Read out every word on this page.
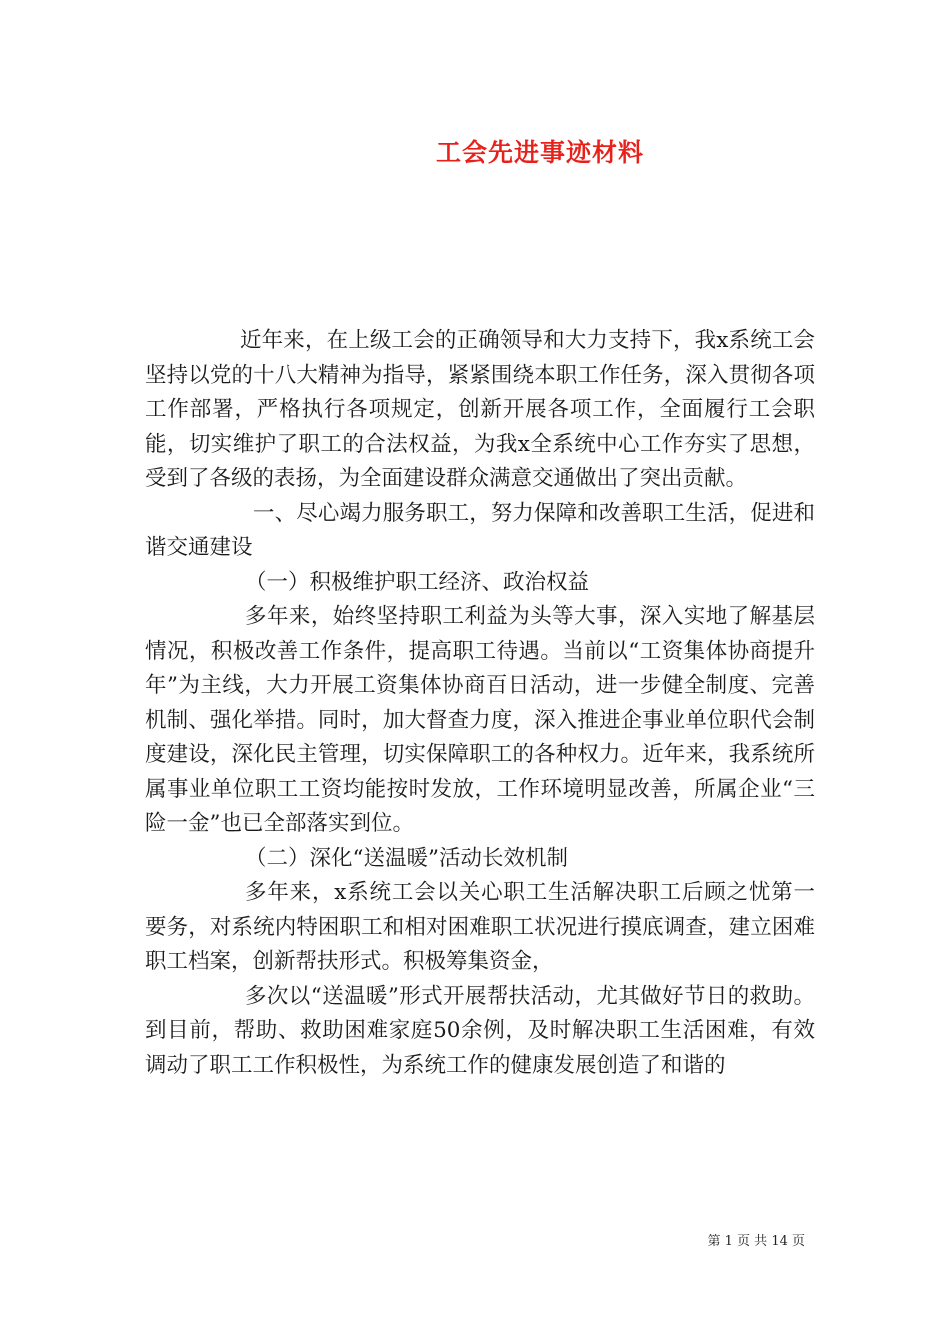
工会先进事迹材料

近年来，在上级工会的正确领导和大力支持下，我x系统工会坚持以党的十八大精神为指导，紧紧围绕本职工作任务，深入贯彻各项工作部署，严格执行各项规定，创新开展各项工作，全面履行工会职能，切实维护了职工的合法权益，为我x全系统中心工作夯实了思想，受到了各级的表扬，为全面建设群众满意交通做出了突出贡献。

一、尽心竭力服务职工，努力保障和改善职工生活，促进和谐交通建设

（一）积极维护职工经济、政治权益

多年来，始终坚持职工利益为头等大事，深入实地了解基层情况，积极改善工作条件，提高职工待遇。当前以“工资集体协商提升年”为主线，大力开展工资集体协商百日活动，进一步健全制度、完善机制、强化举措。同时，加大督查力度，深入推进企事业单位职代会制度建设，深化民主管理，切实保障职工的各种权力。近年来，我系统所属事业单位职工工资均能按时发放，工作环境明显改善，所属企业“三险一金”也已全部落实到位。

（二）深化“送温暖”活动长效机制

多年来，x系统工会以关心职工生活解决职工后顾之忧第一要务，对系统内特困职工和相对困难职工状况进行摸底调查，建立困难职工档案，创新帮扶形式。积极筹集资金，

多次以“送温暖”形式开展帮扶活动，尤其做好节日的救助。到目前，帮助、救助困难家庭50余例，及时解决职工生活困难，有效调动了职工工作积极性，为系统工作的健康发展创造了和谐的

第 1 页 共 14 页
